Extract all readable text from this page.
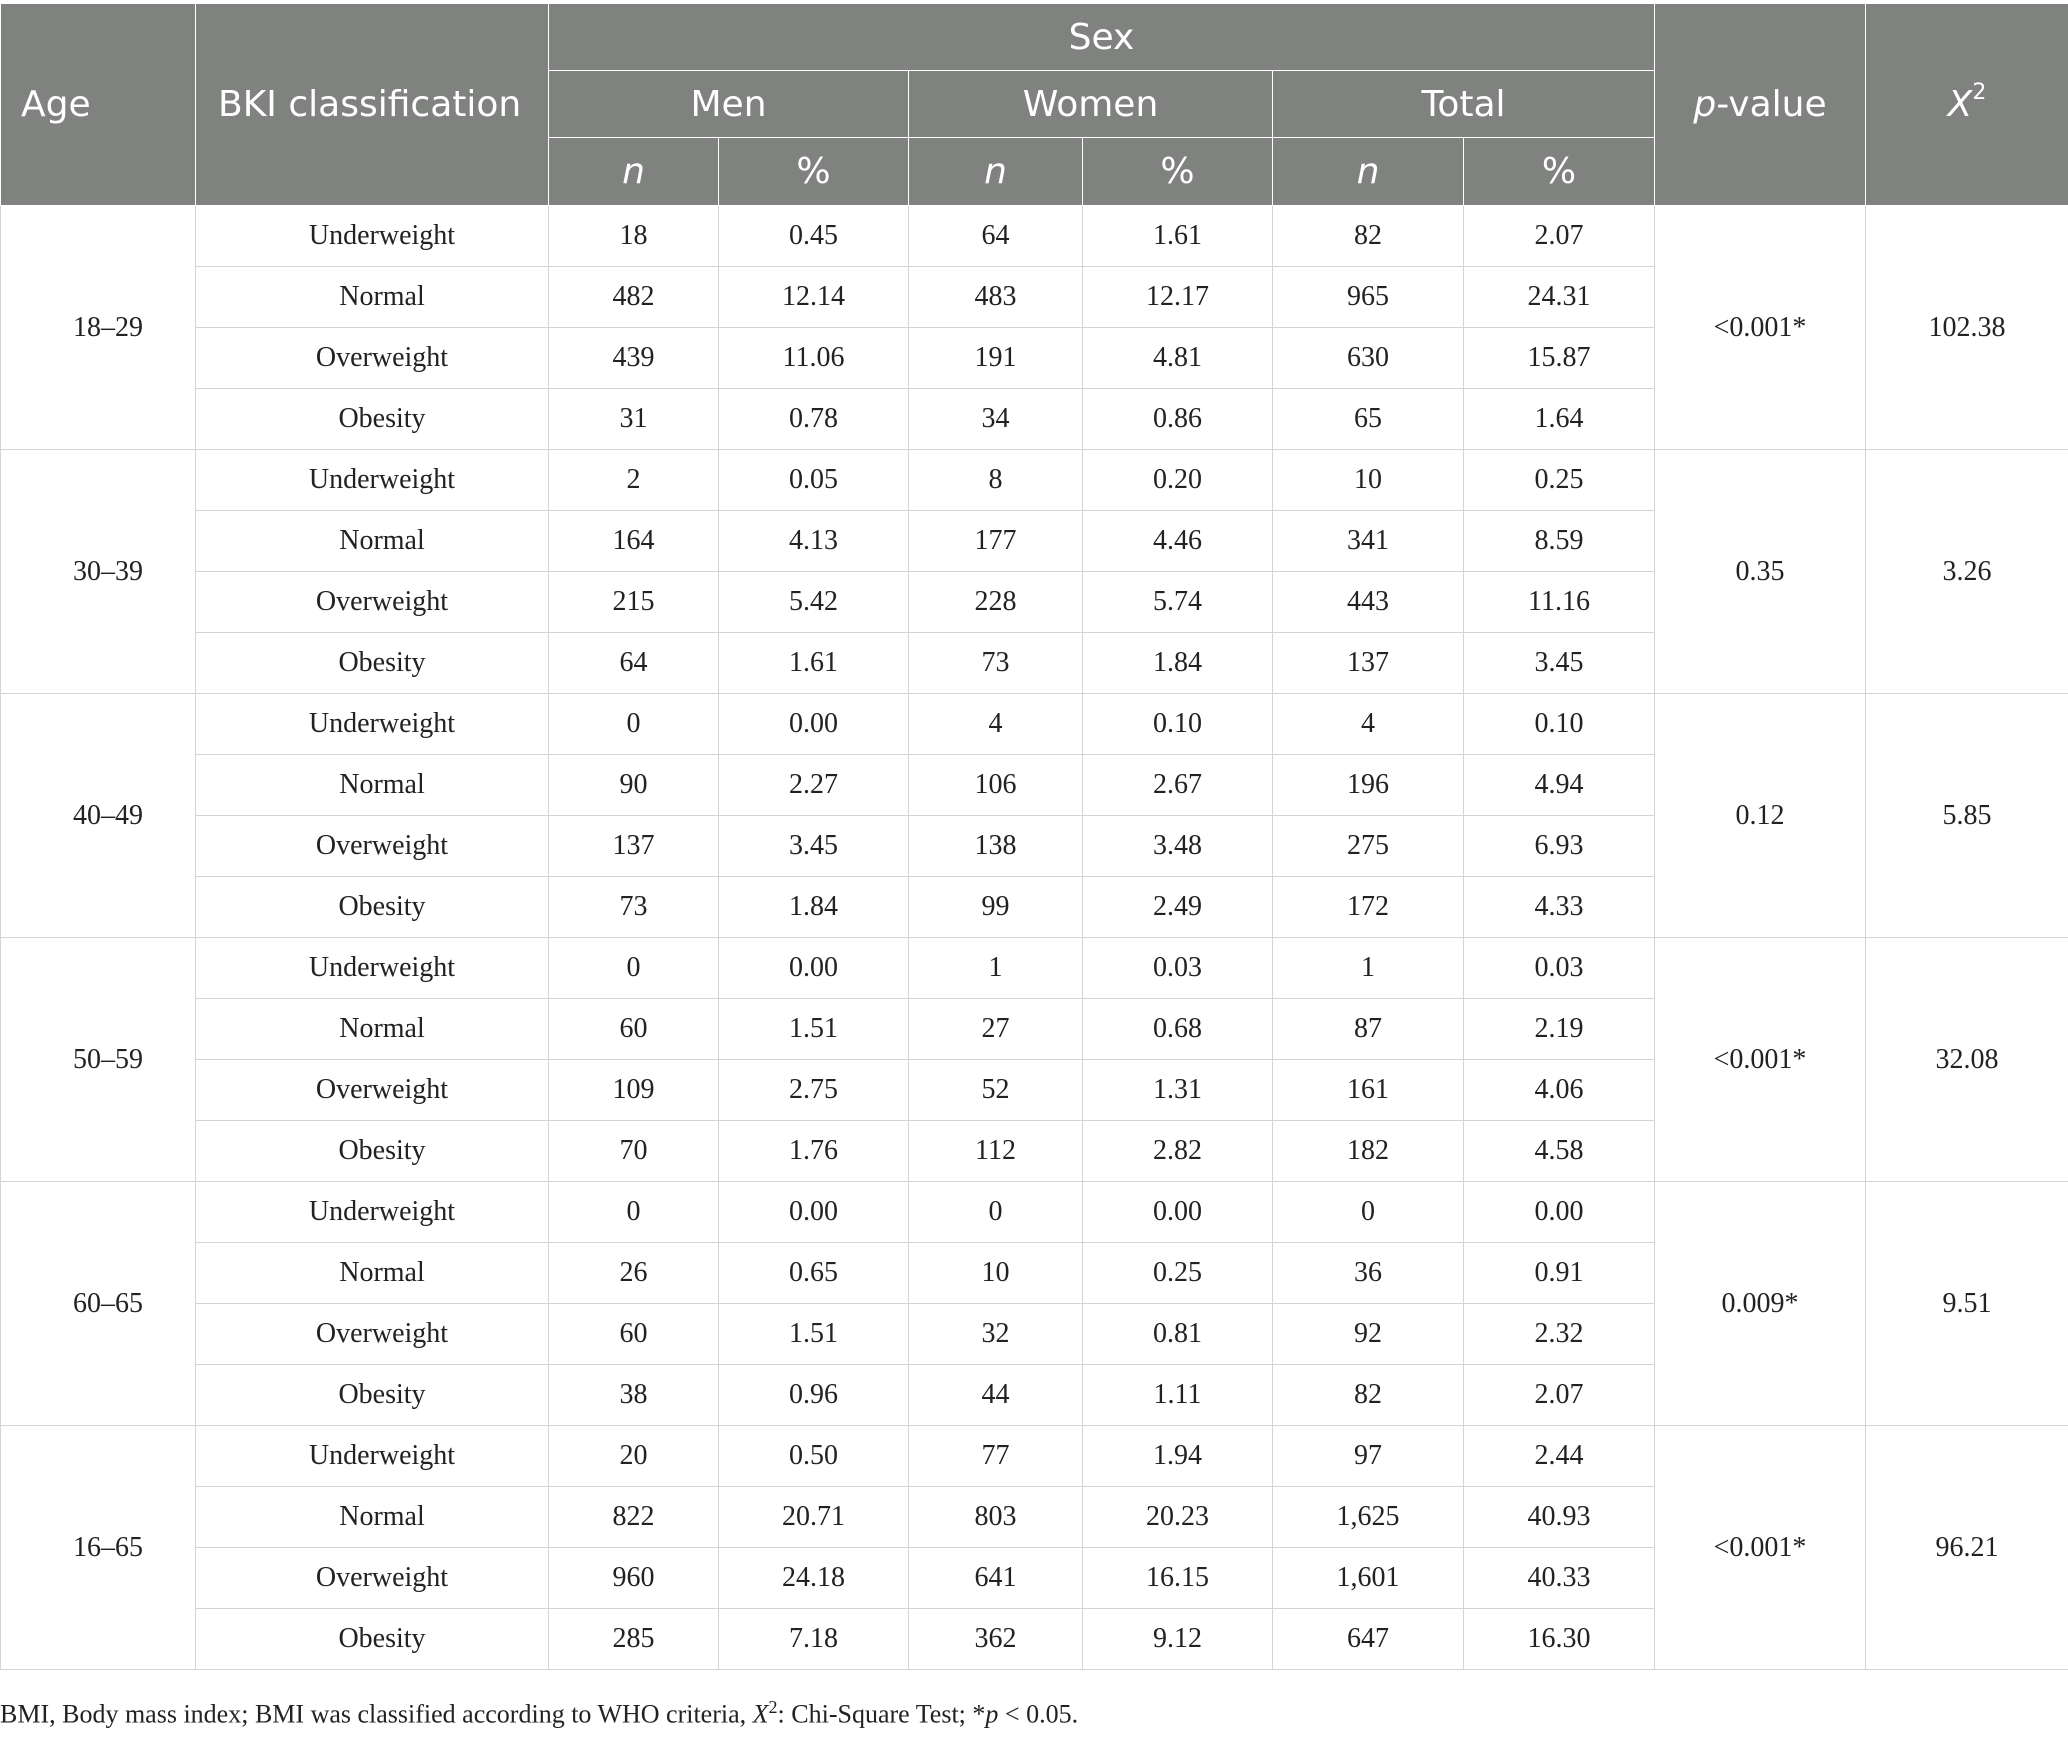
Age	BKI classification	Sex						p-value	$X^2$
		Men		Women		Total			
		n	%	n	%	n	%		
18–29	Underweight	18	0.45	64	1.61	82	2.07	<0.001*	102.38
	Normal	482	12.14	483	12.17	965	24.31		
	Overweight	439	11.06	191	4.81	630	15.87		
	Obesity	31	0.78	34	0.86	65	1.64		
30–39	Underweight	2	0.05	8	0.20	10	0.25	0.35	3.26
	Normal	164	4.13	177	4.46	341	8.59		
	Overweight	215	5.42	228	5.74	443	11.16		
	Obesity	64	1.61	73	1.84	137	3.45		
40–49	Underweight	0	0.00	4	0.10	4	0.10	0.12	5.85
	Normal	90	2.27	106	2.67	196	4.94		
	Overweight	137	3.45	138	3.48	275	6.93		
	Obesity	73	1.84	99	2.49	172	4.33		
50–59	Underweight	0	0.00	1	0.03	1	0.03	<0.001*	32.08
	Normal	60	1.51	27	0.68	87	2.19		
	Overweight	109	2.75	52	1.31	161	4.06		
	Obesity	70	1.76	112	2.82	182	4.58		
60–65	Underweight	0	0.00	0	0.00	0	0.00	0.009*	9.51
	Normal	26	0.65	10	0.25	36	0.91		
	Overweight	60	1.51	32	0.81	92	2.32		
	Obesity	38	0.96	44	1.11	82	2.07		
16–65	Underweight	20	0.50	77	1.94	97	2.44	<0.001*	96.21
	Normal	822	20.71	803	20.23	1,625	40.93		
	Overweight	960	24.18	641	16.15	1,601	40.33		
	Obesity	285	7.18	362	9.12	647	16.30		
BMI, Body mass index; BMI was classified according to WHO criteria, $X^2$: Chi-Square Test; *p < 0.05.
